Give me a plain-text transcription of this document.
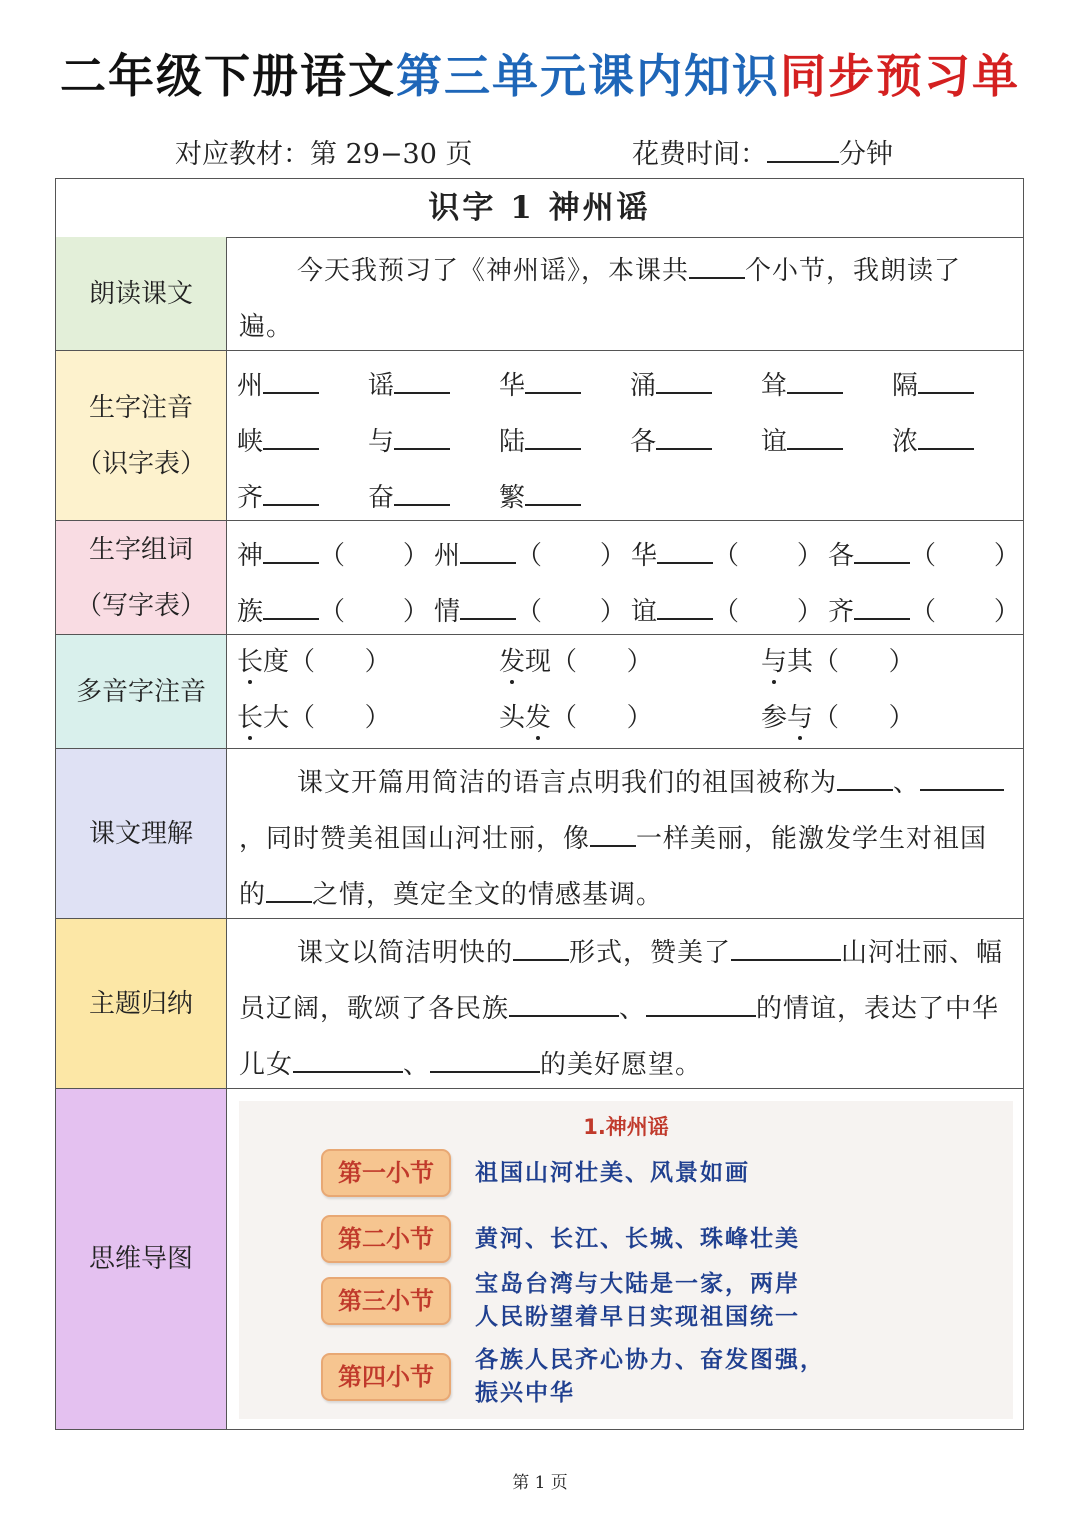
二年级下册语文第三单元课内知识同步预习单
对应教材：第 29−30 页	花费时间：	分钟
识字 1 神州谣
朗读课文
今天我预习了《神州谣》，本课共 个小节，我朗读了遍。
生字注音
（识字表）
州	谣	华	涌	耸	隔
峡	与	陆	各	谊	浓
齐	奋	繁
生字组词
（写字表）
神 （       ） 州 （       ） 华 （       ） 各 （       ）
族 （       ） 情 （       ） 谊 （       ） 齐 （       ）
多音字注音
长度（      ）	发现（      ）	与其（      ）
长大（      ）	头发（      ）	参与（      ）
课文理解
课文开篇用简洁的语言点明我们的祖国被称为 、，同时赞美祖国山河壮丽，像 一样美丽，能激发学生对祖国的 之情，奠定全文的情感基调。
主题归纳
课文以简洁明快的 形式，赞美了	山河壮丽、幅员辽阔，歌颂了各民族	、	的情谊，表达了中华儿女	、	的美好愿望。
思维导图
1.神州谣
第一小节	祖国山河壮美、风景如画
第二小节	黄河、长江、长城、珠峰壮美
第三小节
宝岛台湾与大陆是一家，两岸
人民盼望着早日实现祖国统一
第四小节
各族人民齐心协力、奋发图强，
振兴中华
第 1 页
